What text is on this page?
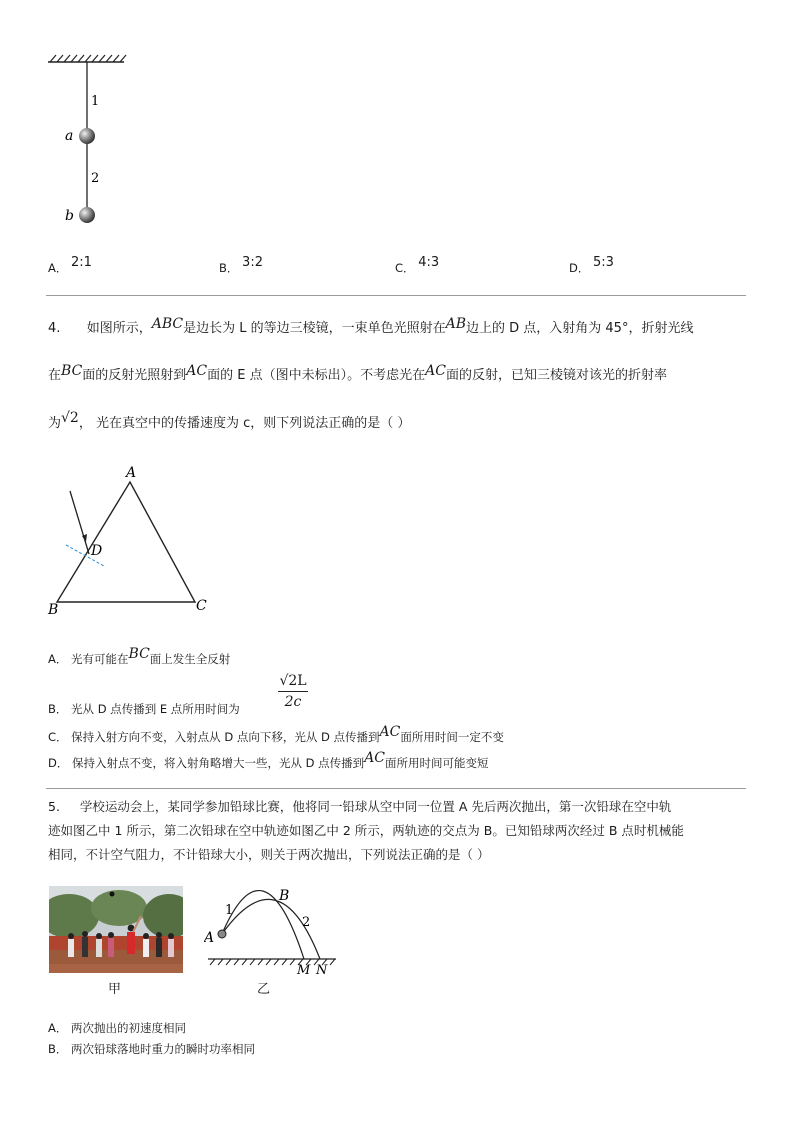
1
a
2
b
A． 2:1	B． 3:2	C． 4:3	D． 5:3
4. 如图所示，ABC是边长为 L 的等边三棱镜，一束单色光照射在AB边上的 D 点，入射角为 45°，折射光线
在BC面的反射光照射到AC面的 E 点（图中未标出）。不考虑光在AC面的反射，已知三棱镜对该光的折射率
为√2， 光在真空中的传播速度为 c，则下列说法正确的是（ ）
A
D
B	C
A． 光有可能在BC面上发生全反射
B． 光从 D 点传播到 E 点所用时间为
√2L
2c
C． 保持入射方向不变，入射点从 D 点向下移，光从 D 点传播到AC面所用时间一定不变
D． 保持入射点不变，将入射角略增大一些，光从 D 点传播到AC面所用时间可能变短
5. 学校运动会上，某同学参加铅球比赛，他将同一铅球从空中同一位置 A 先后两次抛出，第一次铅球在空中轨
迹如图乙中 1 所示，第二次铅球在空中轨迹如图乙中 2 所示，两轨迹的交点为 B。已知铅球两次经过 B 点时机械能
相同，不计空气阻力，不计铅球大小，则关于两次抛出，下列说法正确的是（ ）
甲
1
2
A
B
M N
乙
A． 两次抛出的初速度相同
B． 两次铅球落地时重力的瞬时功率相同
